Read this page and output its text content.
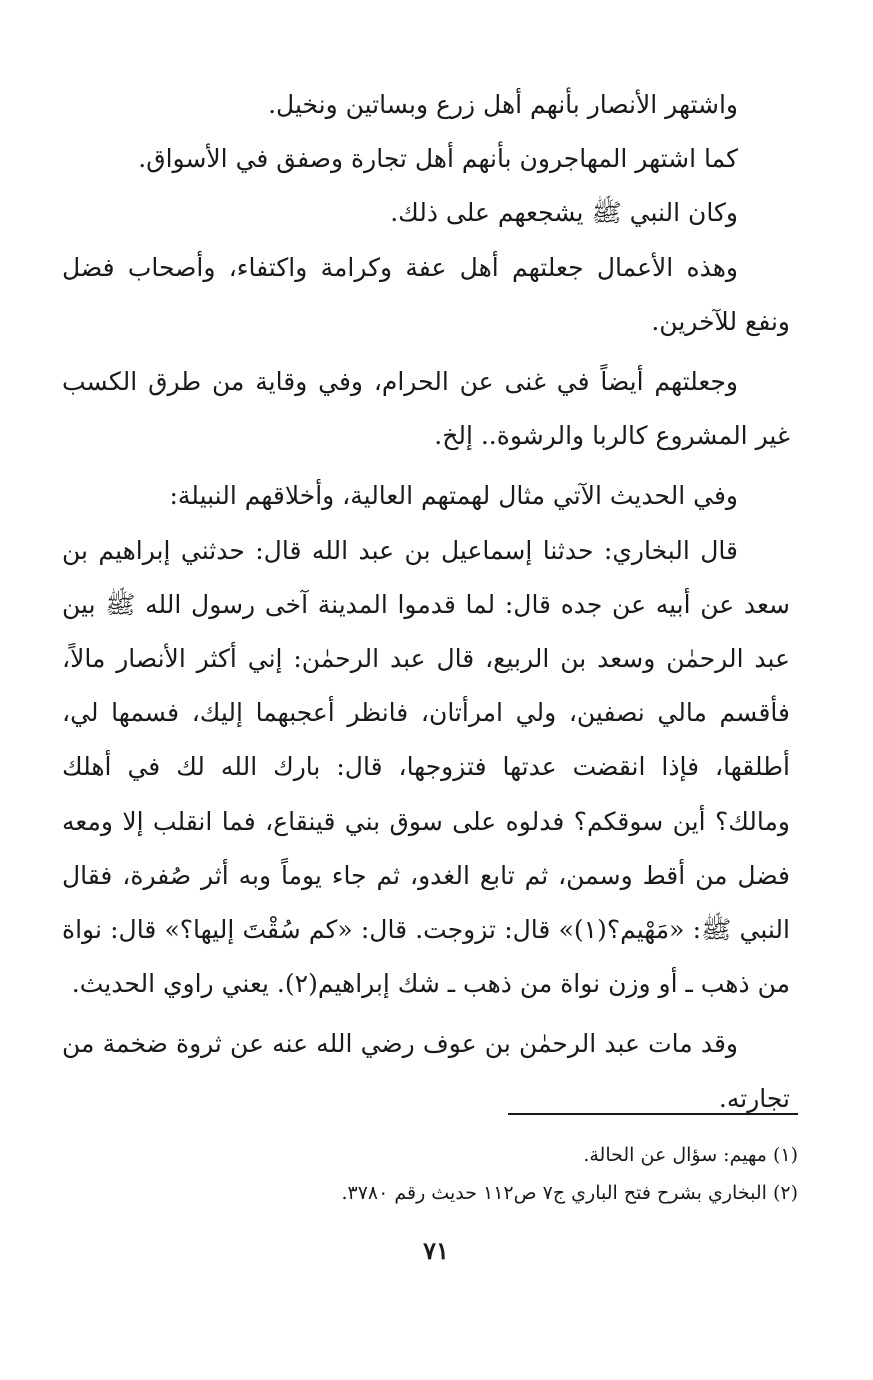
واشتهر الأنصار بأنهم أهل زرع وبساتين ونخيل.

كما اشتهر المهاجرون بأنهم أهل تجارة وصفق في الأسواق.

وكان النبي ﷺ يشجعهم على ذلك.

وهذه الأعمال جعلتهم أهل عفة وكرامة واكتفاء، وأصحاب فضل ونفع للآخرين.

وجعلتهم أيضاً في غنى عن الحرام، وفي وقاية من طرق الكسب غير المشروع كالربا والرشوة.. إلخ.

وفي الحديث الآتي مثال لهمتهم العالية، وأخلاقهم النبيلة:

قال البخاري: حدثنا إسماعيل بن عبد الله قال: حدثني إبراهيم بن سعد عن أبيه عن جده قال: لما قدموا المدينة آخى رسول الله ﷺ بين عبد الرحمٰن وسعد بن الربيع، قال عبد الرحمٰن: إني أكثر الأنصار مالاً، فأقسم مالي نصفين، ولي امرأتان، فانظر أعجبهما إليك، فسمها لي، أطلقها، فإذا انقضت عدتها فتزوجها، قال: بارك الله لك في أهلك ومالك؟ أين سوقكم؟ فدلوه على سوق بني قينقاع، فما انقلب إلا ومعه فضل من أقط وسمن، ثم تابع الغدو، ثم جاء يوماً وبه أثر صُفرة، فقال النبي ﷺ: «مَهْيم؟(١)» قال: تزوجت. قال: «كم سُقْتَ إليها؟» قال: نواة من ذهب ـ أو وزن نواة من ذهب ـ شك إبراهيم(٢). يعني راوي الحديث.

وقد مات عبد الرحمٰن بن عوف رضي الله عنه عن ثروة ضخمة من تجارته.

(١) مهيم: سؤال عن الحالة.

(٢) البخاري بشرح فتح الباري ج٧ ص١١٢ حديث رقم ٣٧٨٠.

٧١
